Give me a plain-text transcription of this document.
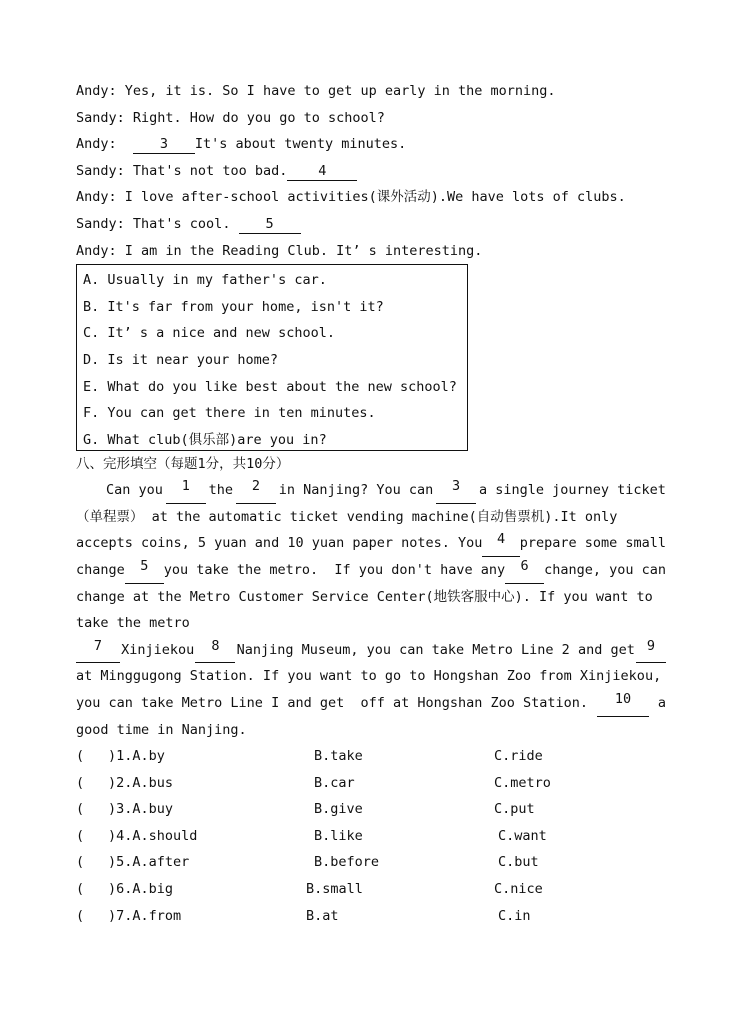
Andy: Yes, it is. So I have to get up early in the morning.
Sandy: Right. How do you go to school?
Andy:	3 It's about twenty minutes.
Sandy: That's not too bad. 4
Andy: I love after-school activities(课外活动).We have lots of clubs.
Sandy: That's cool. 5
Andy: I am in the Reading Club. It’ s interesting.
A. Usually in my father's car.
B. It's far from your home, isn't it?
C. It’ s a nice and new school.
D. Is it near your home?
E. What do you like best about the new school?
F. You can get there in ten minutes.
G. What club(俱乐部)are you in?
八、完形填空（每题1分，共10分）
Can you	1	the	2	in Nanjing? You can	3	a single journey ticket
（单程票） at the automatic ticket vending machine(自动售票机).It only
accepts coins, 5 yuan and 10 yuan paper notes. You	4	prepare some small
change	5	you take the metro.  If you don't have any	6	change, you can
change at the Metro Customer Service Center(地铁客服中心). If you want to
take the metro
7	Xinjiekou	8	Nanjing Museum, you can take Metro Line 2 and get 9
at Minggugong Station. If you want to go to Hongshan Zoo from Xinjiekou,
you can take Metro Line I and get  off at Hongshan Zoo Station.	10	a
good time in Nanjing.
(	)1.A.by	B.take	C.ride
(	)2.A.bus	B.car	C.metro
(	)3.A.buy	B.give	C.put
(	)4.A.should	B.like	C.want
(	)5.A.after	B.before	C.but
(	)6.A.big	B.small	C.nice
(	)7.A.from	B.at	C.in
